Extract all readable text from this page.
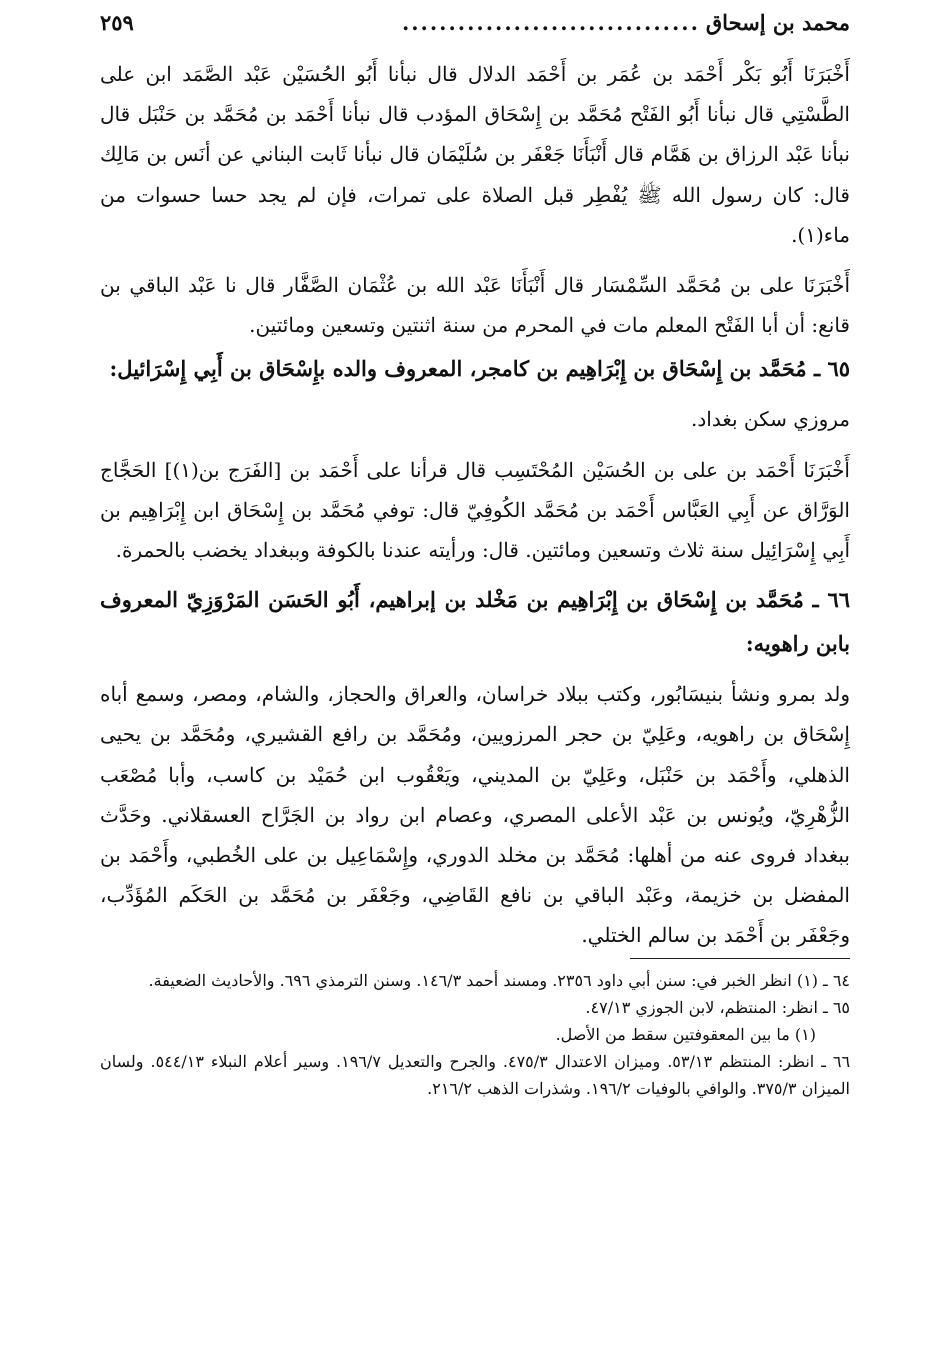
محمد بن إسحاق
................................
٢٥٩

أَخْبَرَنَا أَبُو بَكْر أَحْمَد بن عُمَر بن أَحْمَد الدلال قال نبأنا أَبُو الحُسَيْن عَبْد الصَّمَد ابن على الطَّسْتِي قال نبأنا أَبُو الفَتْح مُحَمَّد بن إِسْحَاق المؤدب قال نبأنا أَحْمَد بن مُحَمَّد بن حَنْبَل قال نبأنا عَبْد الرزاق بن هَمَّام قال أَنْبَأَنَا جَعْفَر بن سُلَيْمَان قال نبأنا ثَابت البناني عن أنَس بن مَالِك قال: كان رسول الله ﷺ يُفْطِر قبل الصلاة على تمرات، فإن لم يجد حسا حسوات من ماء(١).

أَخْبَرَنَا على بن مُحَمَّد السِّمْسَار قال أَنْبَأَنَا عَبْد الله بن عُثْمَان الصَّفَّار قال نا عَبْد الباقي بن قانع: أن أبا الفَتْح المعلم مات في المحرم من سنة اثنتين وتسعين ومائتين.

٦٥ ـ مُحَمَّد بن إِسْحَاق بن إِبْرَاهِيم بن كامجر، المعروف والده بإِسْحَاق بن أَبِي إِسْرَائيل:

مروزي سكن بغداد.

أَخْبَرَنَا أَحْمَد بن على بن الحُسَيْن المُحْتَسِب قال قرأنا على أَحْمَد بن [الفَرَج بن(١)] الحَجَّاج الوَرَّاق عن أَبِي العَبَّاس أَحْمَد بن مُحَمَّد الكُوفِيّ قال: توفي مُحَمَّد بن إِسْحَاق ابن إِبْرَاهِيم بن أَبِي إِسْرَائِيل سنة ثلاث وتسعين ومائتين. قال: ورأيته عندنا بالكوفة وببغداد يخضب بالحمرة.

٦٦ ـ مُحَمَّد بن إِسْحَاق بن إِبْرَاهِيم بن مَخْلد بن إبراهيم، أَبُو الحَسَن المَرْوَزِيّ المعروف بابن راهويه:

ولد بمرو ونشأ بنيسَابُور، وكتب ببلاد خراسان، والعراق والحجاز، والشام، ومصر، وسمع أباه إِسْحَاق بن راهويه، وعَلِيّ بن حجر المرزويين، ومُحَمَّد بن رافع القشيري، ومُحَمَّد بن يحيى الذهلي، وأَحْمَد بن حَنْبَل، وعَلِيّ بن المديني، ويَعْقُوب ابن حُمَيْد بن كاسب، وأبا مُصْعَب الزُّهْرِيّ، ويُونس بن عَبْد الأعلى المصري، وعصام ابن رواد بن الجَرَّاح العسقلاني. وحَدَّث ببغداد فروى عنه من أهلها: مُحَمَّد بن مخلد الدوري، وإِسْمَاعِيل بن على الخُطبي، وأَحْمَد بن المفضل بن خزيمة، وعَبْد الباقي بن نافع القَاضِي، وجَعْفَر بن مُحَمَّد بن الحَكَم المُؤَدِّب، وجَعْفَر بن أَحْمَد بن سالم الختلي.

٦٤ ـ (١) انظر الخبر في: سنن أبي داود ٢٣٥٦. ومسند أحمد ١٤٦/٣. وسنن الترمذي ٦٩٦. والأحاديث الضعيفة.

٦٥ ـ انظر: المنتظم، لابن الجوزي ٤٧/١٣.

(١) ما بين المعقوفتين سقط من الأصل.

٦٦ ـ انظر: المنتظم ٥٣/١٣. وميزان الاعتدال ٤٧٥/٣. والجرح والتعديل ١٩٦/٧. وسير أعلام النبلاء ٥٤٤/١٣. ولسان الميزان ٣٧٥/٣. والوافي بالوفيات ١٩٦/٢. وشذرات الذهب ٢١٦/٢.
